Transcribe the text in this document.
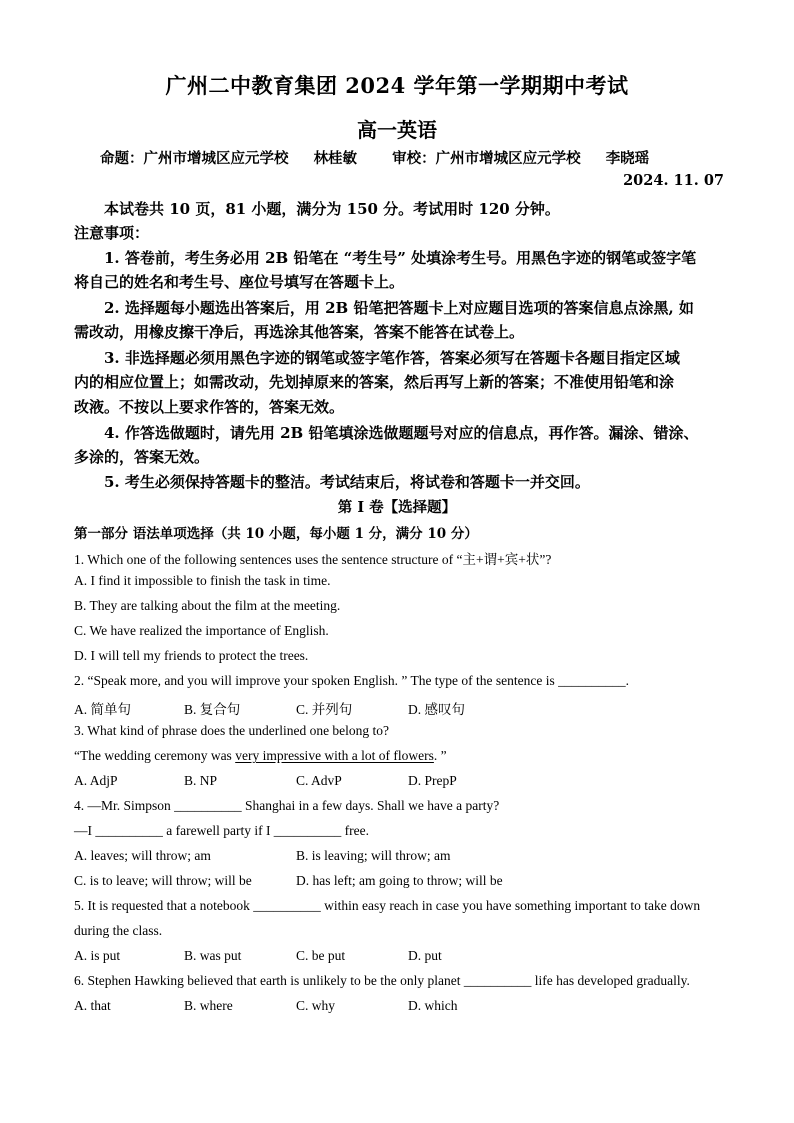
广州二中教育集团 2024 学年第一学期期中考试
高一英语
命题：广州市增城区应元学校 林桂敏 审校：广州市增城区应元学校 李晓瑶
2024. 11. 07
本试卷共 10 页，81 小题，满分为 150 分。考试用时 120 分钟。
注意事项：
1. 答卷前，考生务必用 2B 铅笔在 “考生号” 处填涂考生号。用黑色字迹的钢笔或签字笔
将自己的姓名和考生号、座位号填写在答题卡上。
2. 选择题每小题选出答案后，用 2B 铅笔把答题卡上对应题目选项的答案信息点涂黑, 如
需改动，用橡皮擦干净后，再选涂其他答案，答案不能答在试卷上。
3. 非选择题必须用黑色字迹的钢笔或签字笔作答，答案必须写在答题卡各题目指定区域
内的相应位置上；如需改动，先划掉原来的答案，然后再写上新的答案；不准使用铅笔和涂
改液。不按以上要求作答的，答案无效。
4. 作答选做题时，请先用 2B 铅笔填涂选做题题号对应的信息点，再作答。漏涂、错涂、
多涂的，答案无效。
5. 考生必须保持答题卡的整洁。考试结束后，将试卷和答题卡一并交回。
第 Ⅰ 卷【选择题】
第一部分 语法单项选择（共 10 小题，每小题 1 分，满分 10 分）
1. Which one of the following sentences uses the sentence structure of “主+谓+宾+状”?
A. I find it impossible to finish the task in time.
B. They are talking about the film at the meeting.
C. We have realized the importance of English.
D. I will tell my friends to protect the trees.
2. “Speak more, and you will improve your spoken English. ” The type of the sentence is __________.
A. 简单句	B. 复合句	C. 并列句	D. 感叹句
3. What kind of phrase does the underlined one belong to?
“The wedding ceremony was very impressive with a lot of flowers. ”
A. AdjP	B. NP	C. AdvP	D. PrepP
4. —Mr. Simpson __________ Shanghai in a few days. Shall we have a party?
—I __________ a farewell party if I __________ free.
A. leaves; will throw; am	B. is leaving; will throw; am
C. is to leave; will throw; will be	D. has left; am going to throw; will be
5. It is requested that a notebook __________ within easy reach in case you have something important to take down
during the class.
A. is put	B. was put	C. be put	D. put
6. Stephen Hawking believed that earth is unlikely to be the only planet __________ life has developed gradually.
A. that	B. where	C. why	D. which
